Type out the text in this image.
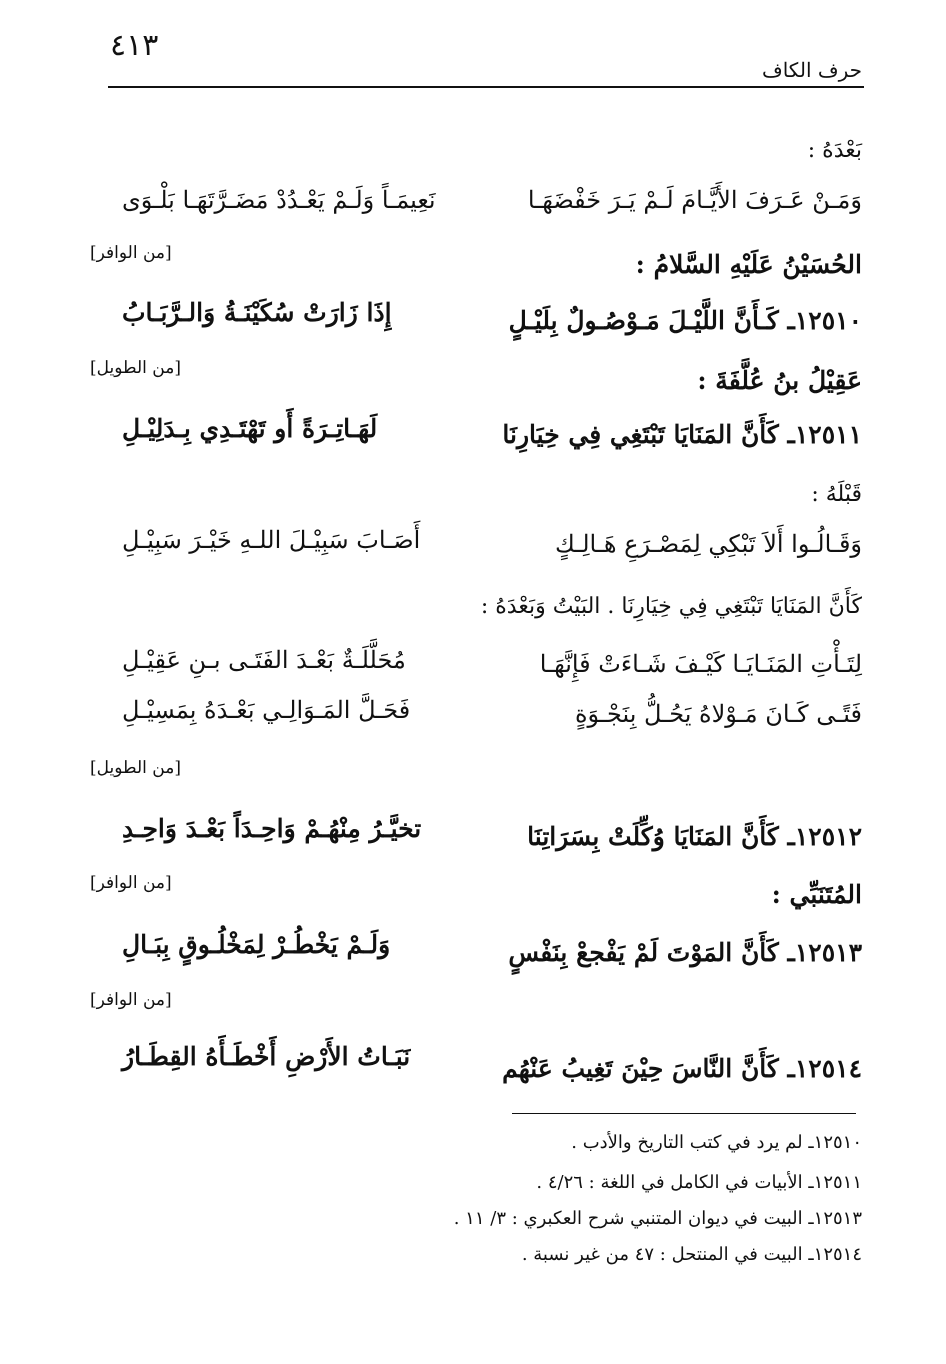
٤١٣
حرف الكاف
بَعْدَهُ :
وَمَـنْ عَـرَفَ الأَيَّـامَ لَـمْ يَـرَ خَفْضَهَـا
نَعِيمَـاً وَلَـمْ يَعْـدُدْ مَضَـرَّتَهَـا بَلْـوَى
[من الوافر]	الحُسَيْنُ عَلَيْهِ السَّلامُ :
١٢٥١٠ـ كَـأَنَّ اللَّيْـلَ مَـوْصُـولٌ بِلَيْـلٍ
إِذَا زَارَتْ سُكَيْنَـةُ وَالـرَّبَـابُ
[من الطويل]	عَقِيْلُ بنُ عُلَّفَةَ :
١٢٥١١ـ كَأَنَّ المَنَايَا تَبْتَغِي فِي خِيَارِنَا
لَهَـاتِـرَةً أَو تَهْتَـدِي بِـدَلِيْـلِ
قَبْلَهُ :
وَقَـالُـوا أَلاَ تَبْكِي لِمَصْـرَعِ هَـالِـكٍ
أَصَـابَ سَبِيْـلَ اللـهِ خَيْـرَ سَبِيْـلِ
كَأَنَّ المَنَايَا تَبْتَغِي فِي خِيَارِنَا . البَيْتُ وَبَعْدَهُ :
لِتَـأْتِ المَنَـايَـا كَيْـفَ شَـاءَتْ فَإِنَّهَـا
مُحَلَّلَـةٌ بَعْـدَ الفَتَـى بـنِ عَقِيْـلِ
فَتًـى كَـانَ مَـوْلاهُ يَحُـلُّ بِنَجْـوَةٍ
فَحَـلَّ المَـوَالِـي بَعْـدَهُ بِمَسِيْـلِ
[من الطويل]
١٢٥١٢ـ كَأَنَّ المَنَايَا وُكِّلَتْ بِسَرَاتِنَا
تخيَّـرُ مِنْهُـمْ وَاحِـدَاً بَعْـدَ وَاحِـدِ
[من الوافر]	المُتَنَبِّي :
١٢٥١٣ـ كَأَنَّ المَوْتَ لَمْ يَفْجعْ بِنَفْسٍ
وَلَـمْ يَخْطُـرْ لِمَخْلُـوقٍ بِبَـالِ
[من الوافر]
١٢٥١٤ـ كَأَنَّ النَّاسَ حِيْنَ تَغِيبُ عَنْهُم
نَبَـاتُ الأَرْضِ أَخْطَـأَهُ القِطَـارُ
١٢٥١٠ـ لم يرد في كتب التاريخ والأدب .
١٢٥١١ـ الأبيات في الكامل في اللغة : ٤/٢٦ .
١٢٥١٣ـ البيت في ديوان المتنبي شرح العكبري : ٣/ ١١ .
١٢٥١٤ـ البيت في المنتحل : ٤٧ من غير نسبة .
